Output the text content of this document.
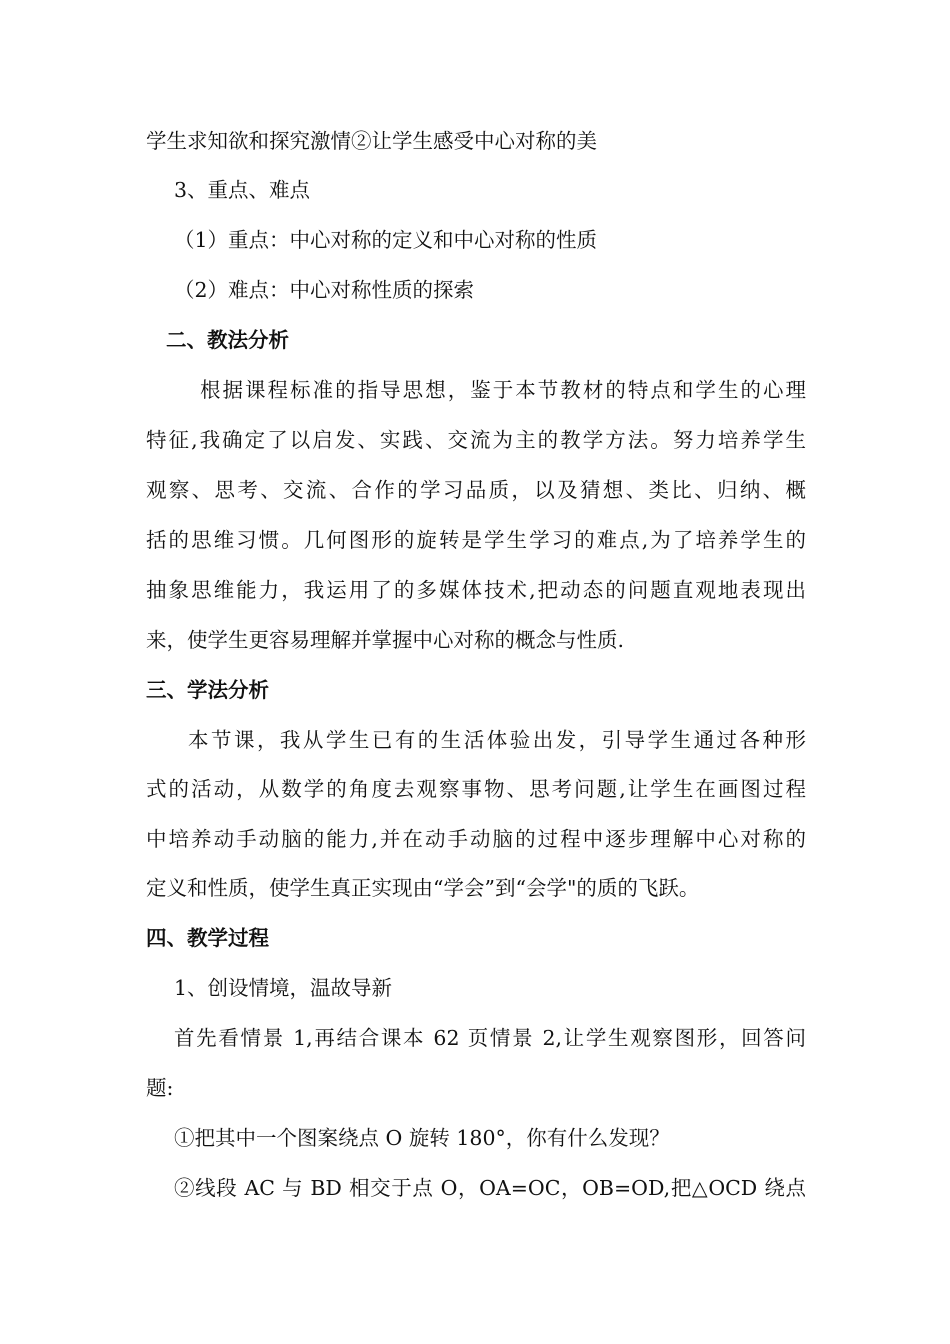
学生求知欲和探究激情②让学生感受中心对称的美
3、重点、难点
（1）重点：中心对称的定义和中心对称的性质
（2）难点：中心对称性质的探索
二、教法分析
根据课程标准的指导思想，鉴于本节教材的特点和学生的心理
特征,我确定了以启发、实践、交流为主的教学方法。努力培养学生
观察、思考、交流、合作的学习品质，以及猜想、类比、归纳、概
括的思维习惯。几何图形的旋转是学生学习的难点,为了培养学生的
抽象思维能力，我运用了的多媒体技术,把动态的问题直观地表现出
来，使学生更容易理解并掌握中心对称的概念与性质.
三、学法分析
本节课，我从学生已有的生活体验出发，引导学生通过各种形
式的活动，从数学的角度去观察事物、思考问题,让学生在画图过程
中培养动手动脑的能力,并在动手动脑的过程中逐步理解中心对称的
定义和性质，使学生真正实现由“学会”到“会学"的质的飞跃。
四、教学过程
1、创设情境，温故导新
首先看情景 1,再结合课本 62 页情景 2,让学生观察图形，回答问
题:
①把其中一个图案绕点 O 旋转 180°，你有什么发现？
②线段 AC 与 BD 相交于点 O，OA=OC，OB=OD,把△OCD 绕点
